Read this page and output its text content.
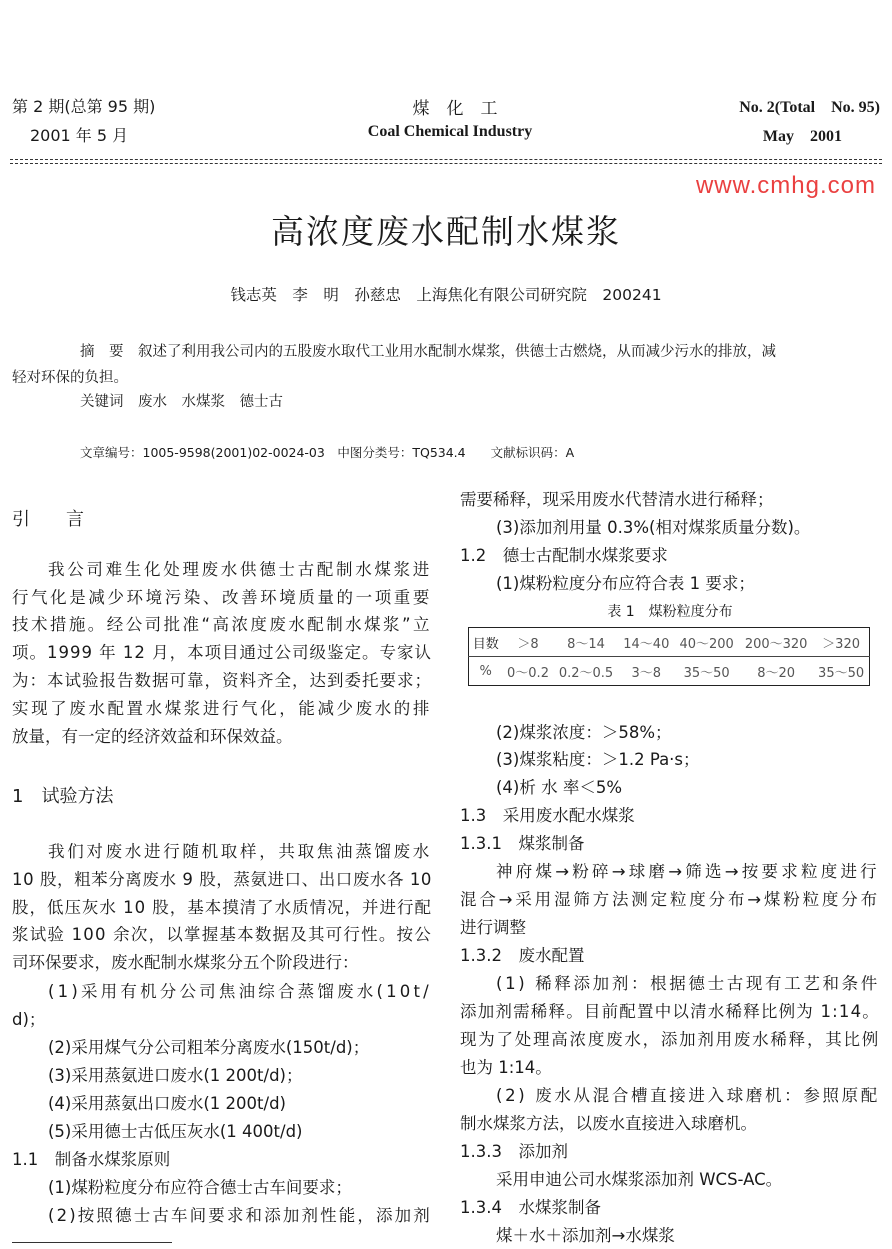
第 2 期(总第 95 期)
2001 年 5 月
煤　化　工
Coal Chemical Industry
No. 2(Total　No. 95)
May　2001
www.cmhg.com
高浓度废水配制水煤浆
钱志英　李　明　孙慈忠　上海焦化有限公司研究院　200241
摘　要　叙述了利用我公司内的五股废水取代工业用水配制水煤浆，供德士古燃烧，从而减少污水的排放，减
轻对环保的负担。
关键词　废水　水煤浆　德士古
文章编号：1005-9598(2001)02-0024-03　中图分类号：TQ534.4　　文献标识码：A
引　　言
我公司难生化处理废水供德士古配制水煤浆进
行气化是减少环境污染、改善环境质量的一项重要
技术措施。经公司批准“高浓度废水配制水煤浆”立
项。1999 年 12 月，本项目通过公司级鉴定。专家认
为：本试验报告数据可靠，资料齐全，达到委托要求；
实现了废水配置水煤浆进行气化，能减少废水的排
放量，有一定的经济效益和环保效益。
1　试验方法
我们对废水进行随机取样，共取焦油蒸馏废水
10 股，粗苯分离废水 9 股，蒸氨进口、出口废水各 10
股，低压灰水 10 股，基本摸清了水质情况，并进行配
浆试验 100 余次，以掌握基本数据及其可行性。按公
司环保要求，废水配制水煤浆分五个阶段进行：
(1)采用有机分公司焦油综合蒸馏废水(10t/
d)；
(2)采用煤气分公司粗苯分离废水(150t/d)；
(3)采用蒸氨进口废水(1 200t/d)；
(4)采用蒸氨出口废水(1 200t/d)
(5)采用德士古低压灰水(1 400t/d)
1.1　制备水煤浆原则
(1)煤粉粒度分布应符合德士古车间要求；
(2)按照德士古车间要求和添加剂性能，添加剂
需要稀释，现采用废水代替清水进行稀释；
(3)添加剂用量 0.3%(相对煤浆质量分数)。
1.2　德士古配制水煤浆要求
(1)煤粉粒度分布应符合表 1 要求；
表 1　煤粉粒度分布
目数	＞8	8～14	14～40	40～200	200～320	＞320
%	0～0.2	0.2～0.5	3～8	35～50	8～20	35～50
(2)煤浆浓度：＞58%；
(3)煤浆粘度：＞1.2 Pa·s；
(4)析 水 率＜5%
1.3　采用废水配水煤浆
1.3.1　煤浆制备
神府煤→粉碎→球磨→筛选→按要求粒度进行
混合→采用湿筛方法测定粒度分布→煤粉粒度分布
进行调整
1.3.2　废水配置
(1) 稀释添加剂：根据德士古现有工艺和条件
添加剂需稀释。目前配置中以清水稀释比例为 1:14。
现为了处理高浓度废水，添加剂用废水稀释，其比例
也为 1:14。
(2) 废水从混合槽直接进入球磨机：参照原配
制水煤浆方法，以废水直接进入球磨机。
1.3.3　添加剂
采用申迪公司水煤浆添加剂 WCS-AC。
1.3.4　水煤浆制备
煤＋水＋添加剂→水煤浆
